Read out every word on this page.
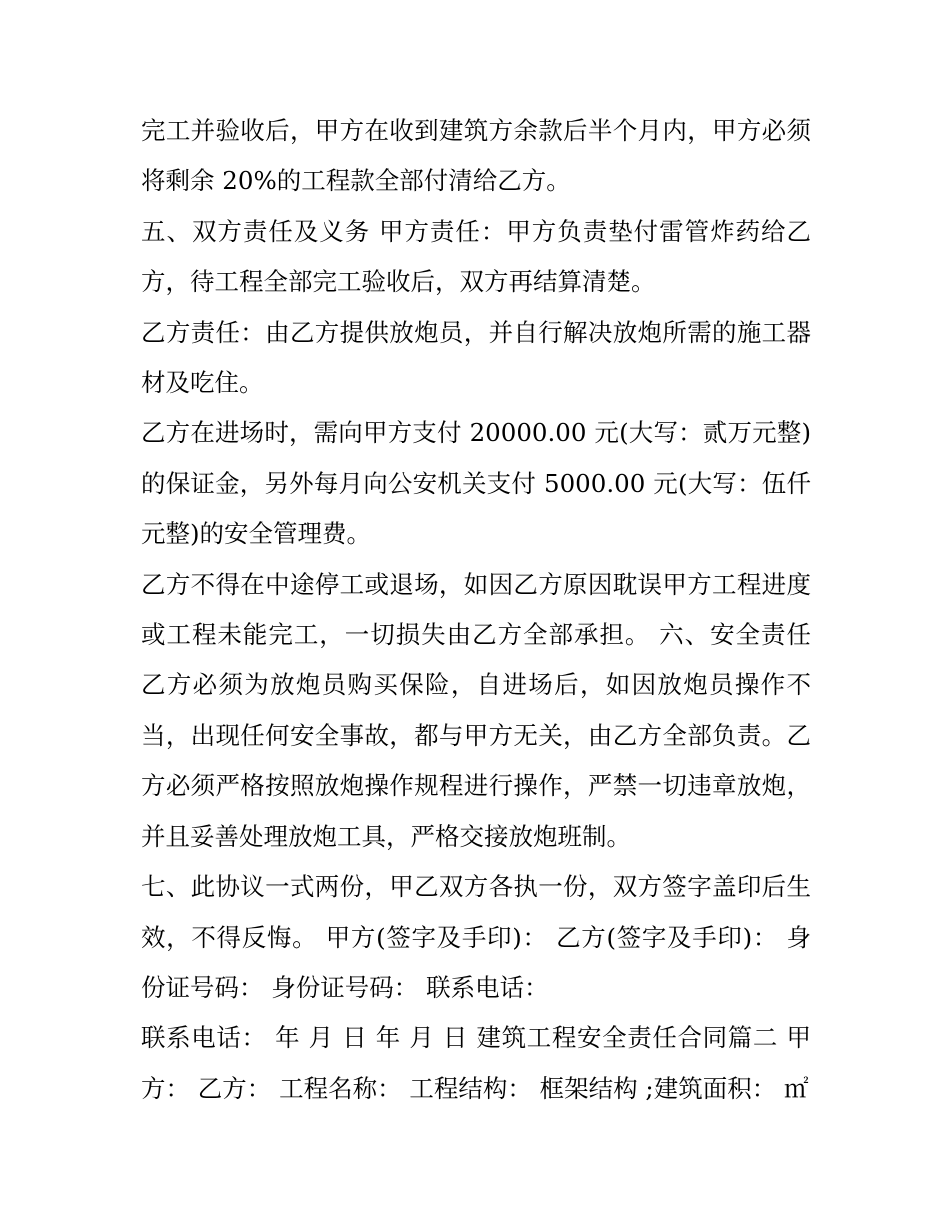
完工并验收后，甲方在收到建筑方余款后半个月内，甲方必须将剩余 20%的工程款全部付清给乙方。

五、双方责任及义务 甲方责任：甲方负责垫付雷管炸药给乙方，待工程全部完工验收后，双方再结算清楚。

乙方责任：由乙方提供放炮员，并自行解决放炮所需的施工器材及吃住。

乙方在进场时，需向甲方支付 20000.00 元(大写：贰万元整)的保证金，另外每月向公安机关支付 5000.00 元(大写：伍仟元整)的安全管理费。

乙方不得在中途停工或退场，如因乙方原因耽误甲方工程进度或工程未能完工，一切损失由乙方全部承担。 六、安全责任 乙方必须为放炮员购买保险，自进场后，如因放炮员操作不当，出现任何安全事故，都与甲方无关，由乙方全部负责。乙方必须严格按照放炮操作规程进行操作，严禁一切违章放炮，并且妥善处理放炮工具，严格交接放炮班制。

七、此协议一式两份，甲乙双方各执一份，双方签字盖印后生效，不得反悔。 甲方(签字及手印)： 乙方(签字及手印)： 身份证号码： 身份证号码： 联系电话：

联系电话： 年 月 日 年 月 日 建筑工程安全责任合同篇二 甲方： 乙方： 工程名称： 工程结构： 框架结构 ;建筑面积： ㎡
